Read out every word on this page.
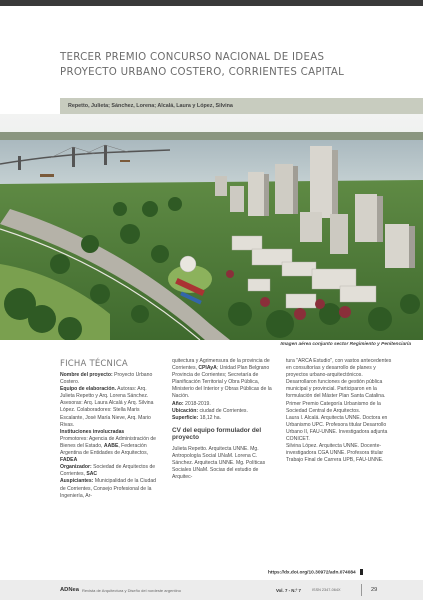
TERCER PREMIO CONCURSO NACIONAL DE IDEAS
PROYECTO URBANO COSTERO, CORRIENTES CAPITAL
Repetto, Julieta; Sánchez, Lorena; Alcalá, Laura y López, Silvina
Imagen aérea conjunto sector Regimiento y Penitenciaría
FICHA TÉCNICA
Nombre del proyecto: Proyecto Urbano Costero.
Equipo de elaboración. Autoras: Arq. Julieta Repetto y Arq. Lorena Sánchez. Asesoras: Arq. Laura Alcalá y Arq. Silvina López. Colaboradores: Stella Maris Escalante, José María Nieve, Arq. Mario Rivas.
Instituciones involucradas
Promotores: Agencia de Administración de Bienes del Estado, AABE, Federación Argentina de Entidades de Arquitectos, FADEA
Organizador: Sociedad de Arquitectos de Corrientes, SAC
Auspiciantes: Municipalidad de la Ciudad de Corrientes, Consejo Profesional de la Ingeniería, Ar-
quitectura y Agrimensura de la provincia de Corrientes, CPIAyA; Unidad Plan Belgrano Provincia de Corrientes; Secretaría de Planificación Territorial y Obra Pública, Ministerio del Interior y Obras Públicas de la Nación.
Año: 2018-2019.
Ubicación: ciudad de Corrientes.
Superficie: 18,12 ha.
CV del equipo formulador del proyecto
Julieta Repetto. Arquitecta UNNE. Mg. Antropología Social UNaM. Lorena C. Sánchez. Arquitecta UNNE. Mg. Políticas Sociales UNaM. Socias del estudio de Arquitec-
tura "ARCA Estudio", con vastos antecedentes en consultorías y desarrollo de planes y proyectos urbano-arquitectónicos. Desarrollaron funciones de gestión pública municipal y provincial. Participaron en la formulación del Máster Plan Santa Catalina. Primer Premio Categoría Urbanismo de la Sociedad Central de Arquitectos.
Laura I. Alcalá. Arquitecta UNNE. Doctora en Urbanismo UPC. Profesora titular Desarrollo Urbano II, FAU-UNNE. Investigadora adjunta CONICET.
Silvina López. Arquitecta UNNE. Docente-investigadora CGA UNNE. Profesora titular Trabajo Final de Carrera UPB, FAU-UNNE.
https://dx.doi.org/10.30972/adn.074084
ADNea Revista de Arquitectura y Diseño del nordeste argentino	Vol. 7 - N.º 7	ISSN 2347-064X	29
